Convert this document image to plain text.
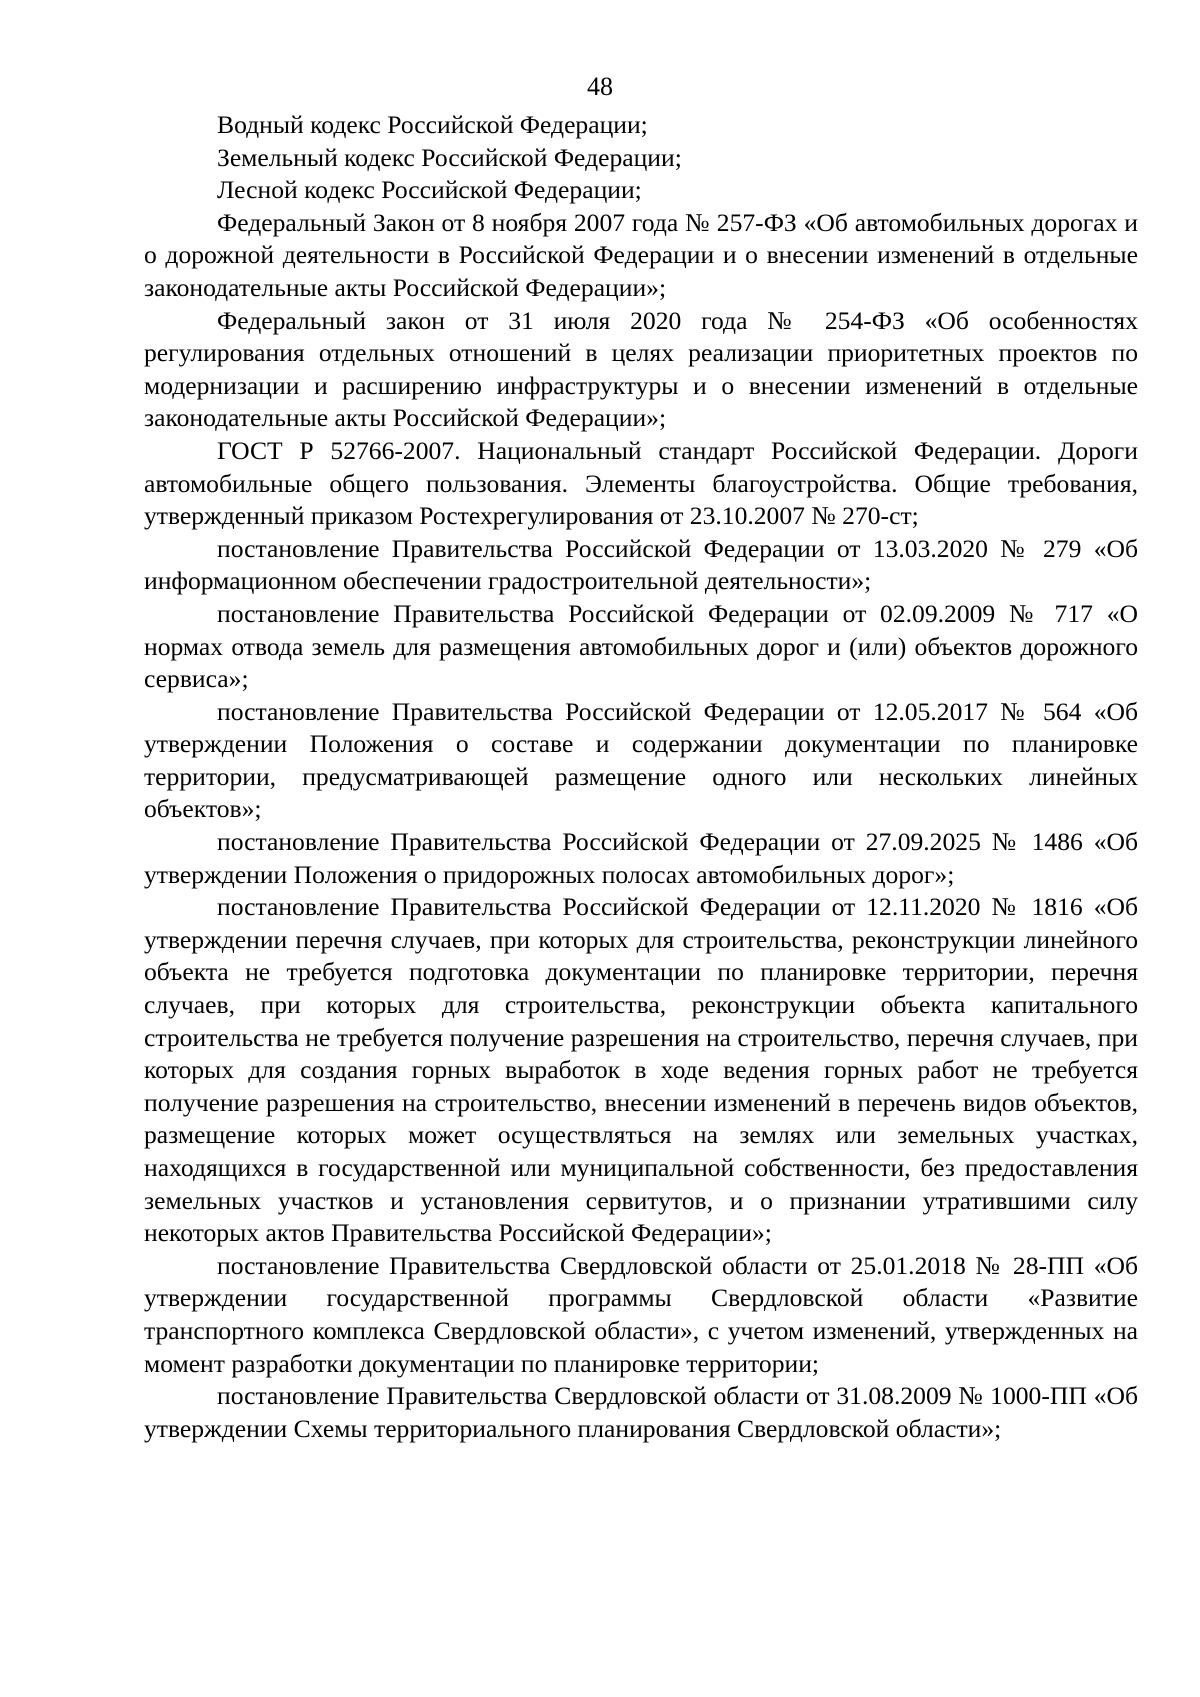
48

Водный кодекс Российской Федерации;

Земельный кодекс Российской Федерации;

Лесной кодекс Российской Федерации;

Федеральный Закон от 8 ноября 2007 года № 257-ФЗ «Об автомобильных дорогах и о дорожной деятельности в Российской Федерации и о внесении изменений в отдельные законодательные акты Российской Федерации»;

Федеральный закон от 31 июля 2020 года № 254-ФЗ «Об особенностях регулирования отдельных отношений в целях реализации приоритетных проектов по модернизации и расширению инфраструктуры и о внесении изменений в отдельные законодательные акты Российской Федерации»;

ГОСТ Р 52766-2007. Национальный стандарт Российской Федерации. Дороги автомобильные общего пользования. Элементы благоустройства. Общие требования, утвержденный приказом Ростехрегулирования от 23.10.2007 № 270-ст;

постановление Правительства Российской Федерации от 13.03.2020 № 279 «Об информационном обеспечении градостроительной деятельности»;

постановление Правительства Российской Федерации от 02.09.2009 № 717 «О нормах отвода земель для размещения автомобильных дорог и (или) объектов дорожного сервиса»;

постановление Правительства Российской Федерации от 12.05.2017 № 564 «Об утверждении Положения о составе и содержании документации по планировке территории, предусматривающей размещение одного или нескольких линейных объектов»;

постановление Правительства Российской Федерации от 27.09.2025 № 1486 «Об утверждении Положения о придорожных полосах автомобильных дорог»;

постановление Правительства Российской Федерации от 12.11.2020 № 1816 «Об утверждении перечня случаев, при которых для строительства, реконструкции линейного объекта не требуется подготовка документации по планировке территории, перечня случаев, при которых для строительства, реконструкции объекта капитального строительства не требуется получение разрешения на строительство, перечня случаев, при которых для создания горных выработок в ходе ведения горных работ не требуется получение разрешения на строительство, внесении изменений в перечень видов объектов, размещение которых может осуществляться на землях или земельных участках, находящихся в государственной или муниципальной собственности, без предоставления земельных участков и установления сервитутов, и о признании утратившими силу некоторых актов Правительства Российской Федерации»;

постановление Правительства Свердловской области от 25.01.2018 № 28-ПП «Об утверждении государственной программы Свердловской области «Развитие транспортного комплекса Свердловской области», с учетом изменений, утвержденных на момент разработки документации по планировке территории;

постановление Правительства Свердловской области от 31.08.2009 № 1000-ПП «Об утверждении Схемы территориального планирования Свердловской области»;
